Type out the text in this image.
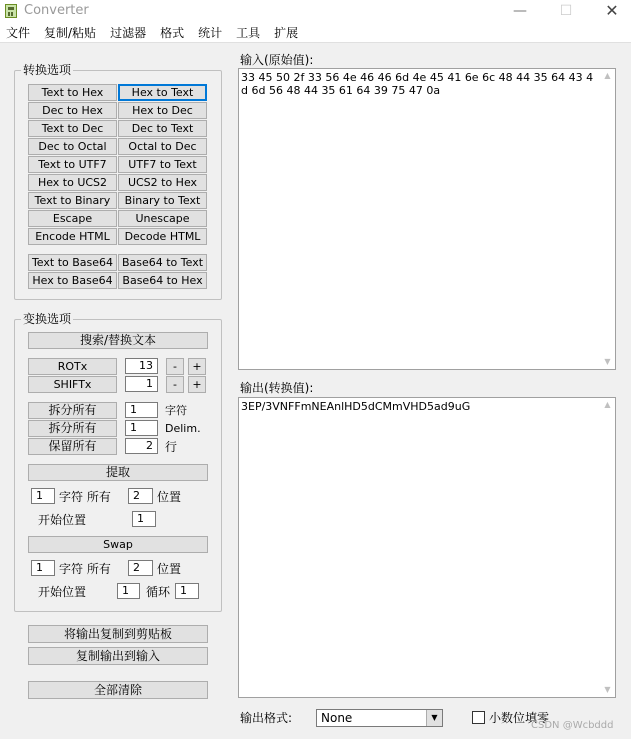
Converter	—	☐	✕
文件	复制/粘贴	过滤器	格式	统计	工具	扩展
转换选项
Text to Hex	Hex to Text
Dec to Hex	Hex to Dec
Text to Dec	Dec to Text
Dec to Octal	Octal to Dec
Text to UTF7	UTF7 to Text
Hex to UCS2	UCS2 to Hex
Text to Binary	Binary to Text
Escape	Unescape
Encode HTML	Decode HTML
Text to Base64 Base64 to Text
Hex to Base64 Base64 to Hex
变换选项
搜索/替换文本
ROTx	13	-	+
SHIFTx	1	-	+
拆分所有	1	字符
拆分所有	1	Delim.
保留所有	2	行
提取
1	字符 所有	2	位置
开始位置	1
Swap
1	字符 所有	2	位置
开始位置	1	循环 1
将输出复制到剪贴板
复制输出到输入
全部清除
输入(原始值):
33 45 50 2f 33 56 4e 46 46 6d 4e 45 41 6e 6c 48 44 35 64 43 4d 6d 56 48 44 35 61 64 39 75 47 0a
▲
▼
输出(转换值):
3EP/3VNFFmNEAnlHD5dCMmVHD5ad9uG	▲
▼
输出格式:	None	▼	小数位填零
CSDN @Wcbddd
